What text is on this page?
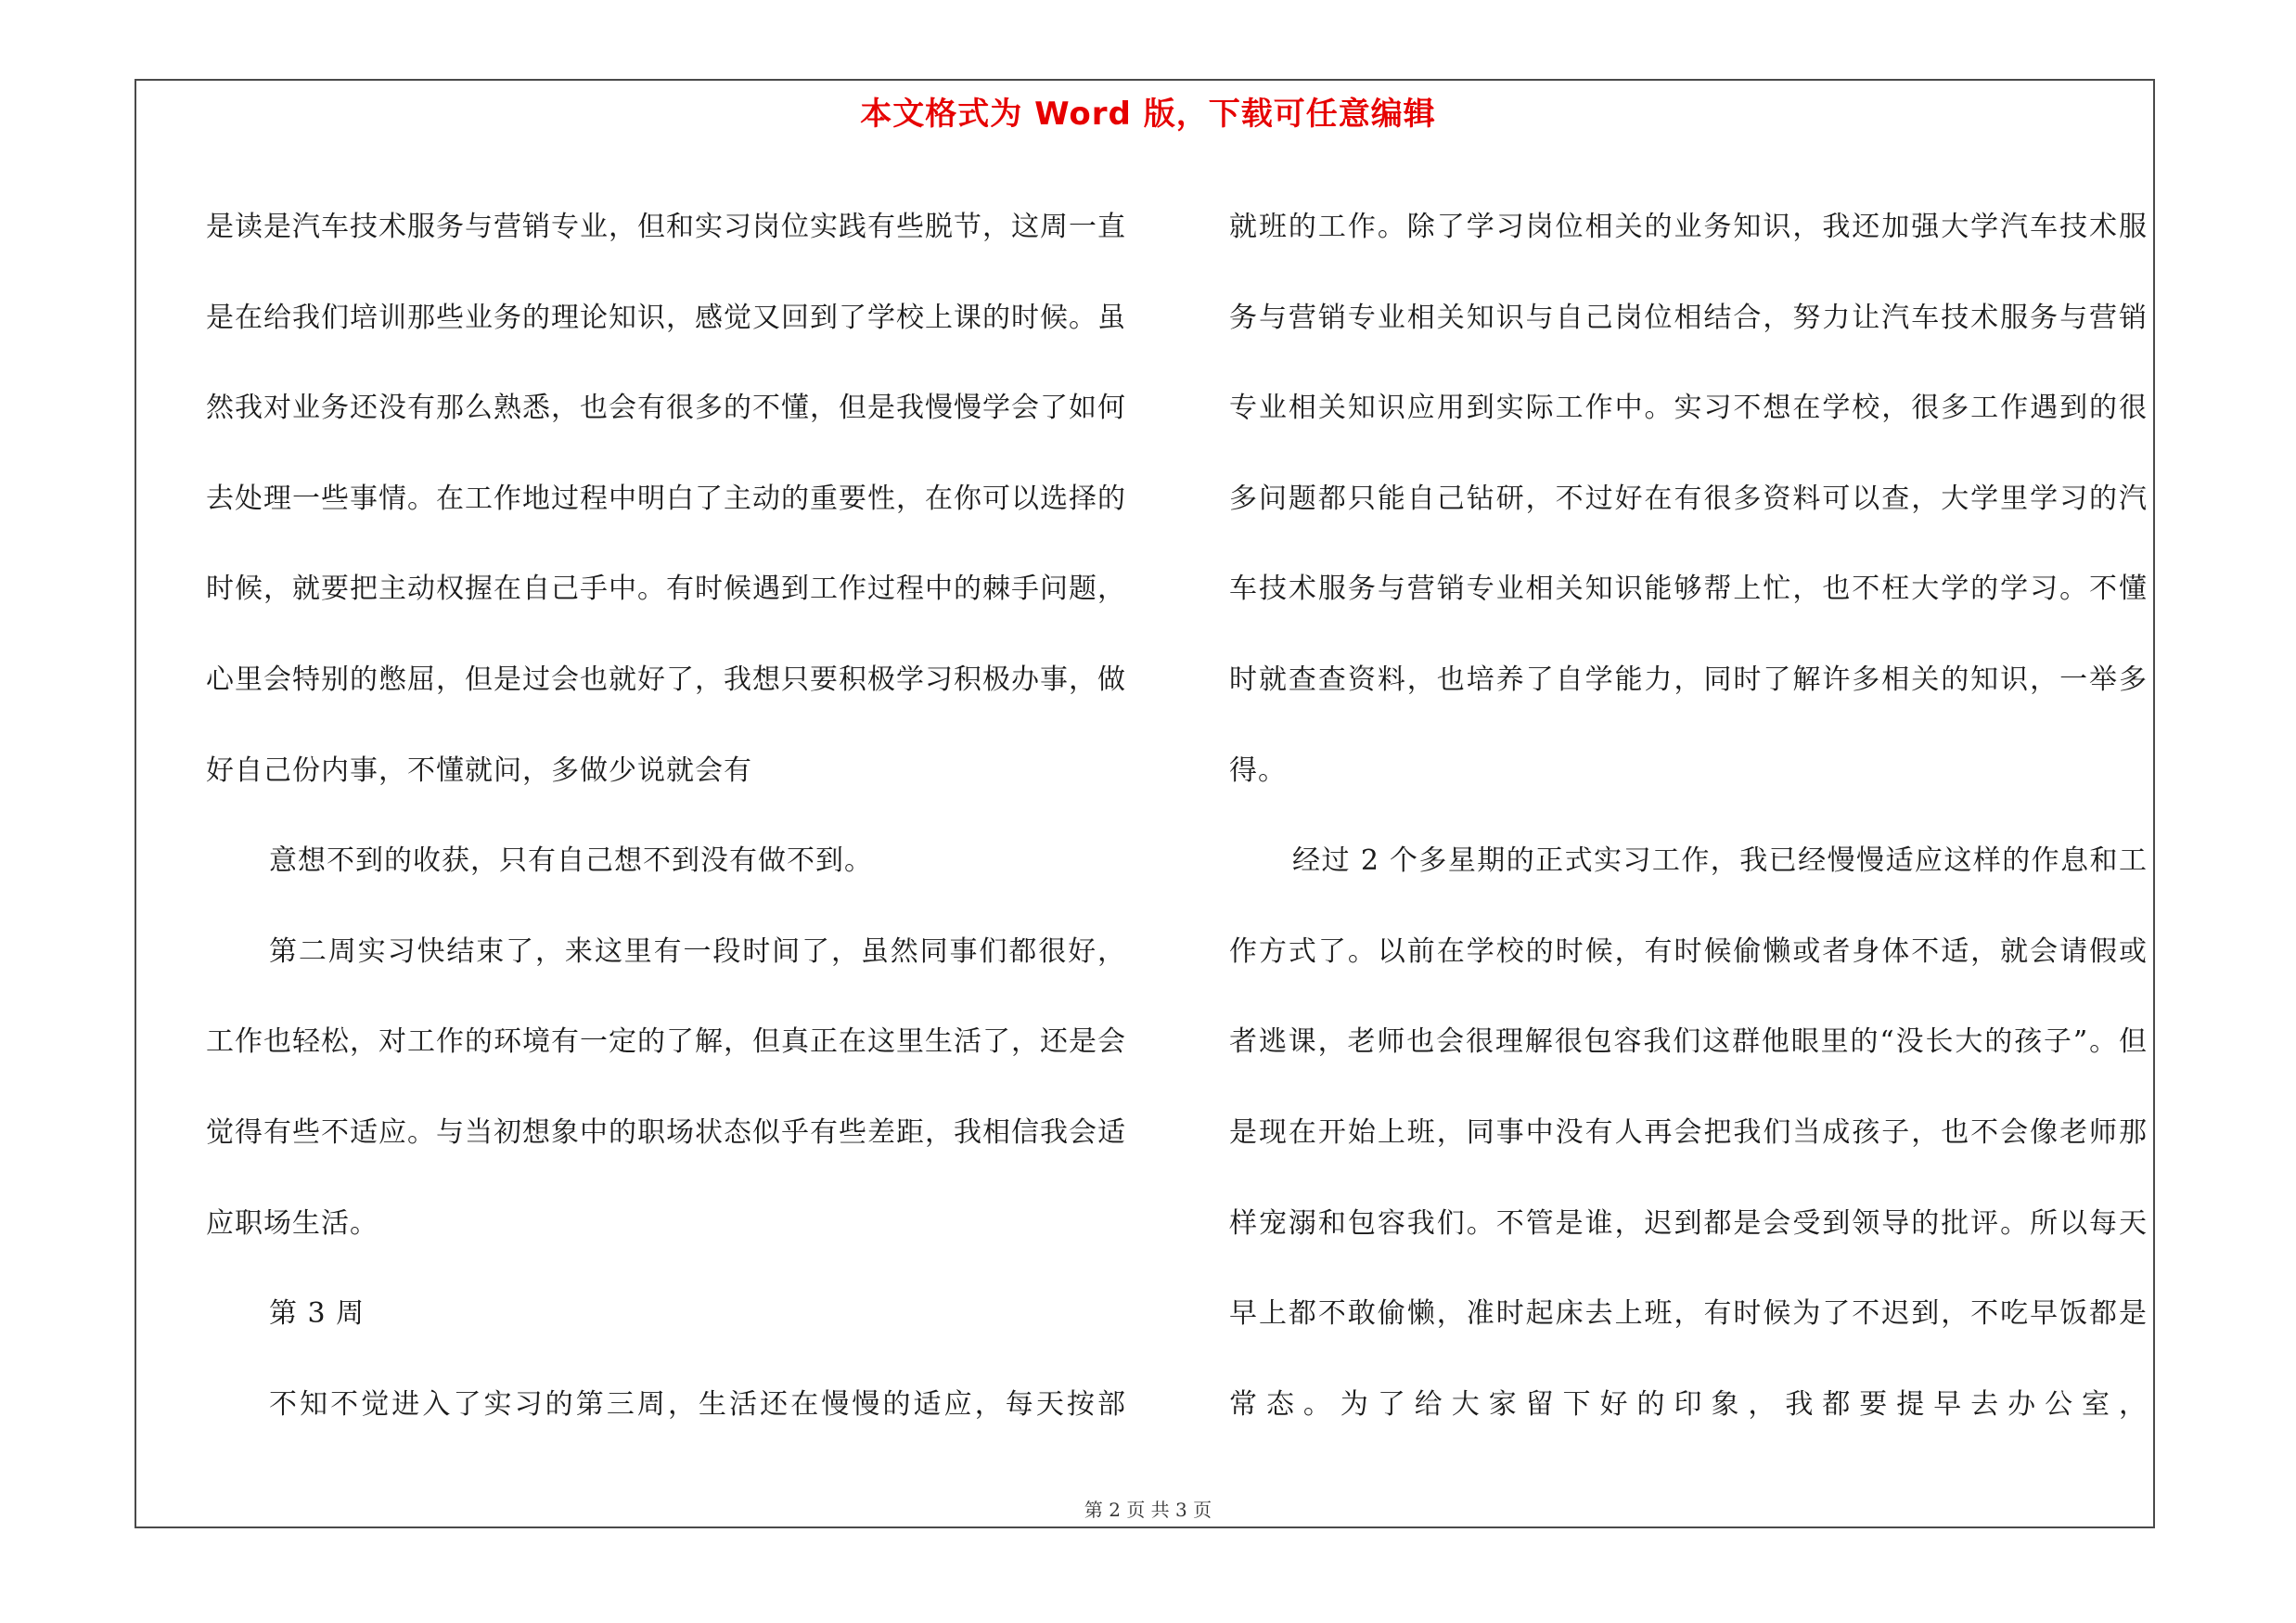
本文格式为 Word 版，下载可任意编辑

是读是汽车技术服务与营销专业，但和实习岗位实践有些脱节，这周一直是在给我们培训那些业务的理论知识，感觉又回到了学校上课的时候。虽然我对业务还没有那么熟悉，也会有很多的不懂，但是我慢慢学会了如何去处理一些事情。在工作地过程中明白了主动的重要性，在你可以选择的时候，就要把主动权握在自己手中。有时候遇到工作过程中的棘手问题，心里会特别的憋屈，但是过会也就好了，我想只要积极学习积极办事，做好自己份内事，不懂就问，多做少说就会有

意想不到的收获，只有自己想不到没有做不到。

第二周实习快结束了，来这里有一段时间了，虽然同事们都很好，工作也轻松，对工作的环境有一定的了解，但真正在这里生活了，还是会觉得有些不适应。与当初想象中的职场状态似乎有些差距，我相信我会适应职场生活。

第 3 周

不知不觉进入了实习的第三周，生活还在慢慢的适应，每天按部

就班的工作。除了学习岗位相关的业务知识，我还加强大学汽车技术服务与营销专业相关知识与自己岗位相结合，努力让汽车技术服务与营销专业相关知识应用到实际工作中。实习不想在学校，很多工作遇到的很多问题都只能自己钻研，不过好在有很多资料可以查，大学里学习的汽车技术服务与营销专业相关知识能够帮上忙，也不枉大学的学习。不懂时就查查资料，也培养了自学能力，同时了解许多相关的知识，一举多得。

经过 2 个多星期的正式实习工作，我已经慢慢适应这样的作息和工作方式了。以前在学校的时候，有时候偷懒或者身体不适，就会请假或者逃课，老师也会很理解很包容我们这群他眼里的“没长大的孩子”。但是现在开始上班，同事中没有人再会把我们当成孩子，也不会像老师那样宠溺和包容我们。不管是谁，迟到都是会受到领导的批评。所以每天早上都不敢偷懒，准时起床去上班，有时候为了不迟到，不吃早饭都是常态。为了给大家留下好的印象，我都要提早去办公室，

第 2 页 共 3 页
